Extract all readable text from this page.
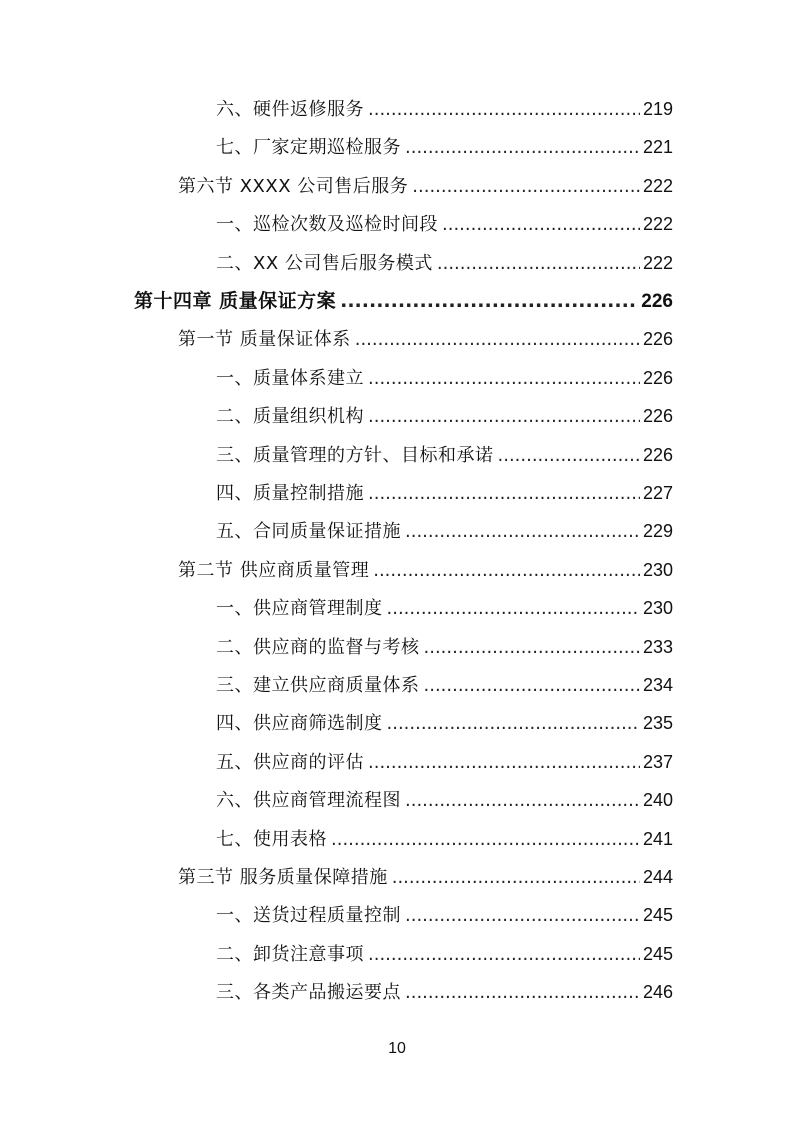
六、硬件返修服务 .....	219
七、厂家定期巡检服务 .....	221
第六节 XXXX 公司售后服务 .....	222
一、巡检次数及巡检时间段 .....	222
二、XX 公司售后服务模式 .....	222
第十四章 质量保证方案 .....	226
第一节 质量保证体系 .....	226
一、质量体系建立 .....	226
二、质量组织机构 .....	226
三、质量管理的方针、目标和承诺 .....	226
四、质量控制措施 .....	227
五、合同质量保证措施 .....	229
第二节 供应商质量管理 .....	230
一、供应商管理制度 .....	230
二、供应商的监督与考核 .....	233
三、建立供应商质量体系 .....	234
四、供应商筛选制度 .....	235
五、供应商的评估 .....	237
六、供应商管理流程图 .....	240
七、使用表格 .....	241
第三节 服务质量保障措施 .....	244
一、送货过程质量控制 .....	245
二、卸货注意事项 .....	245
三、各类产品搬运要点 .....	246
10
